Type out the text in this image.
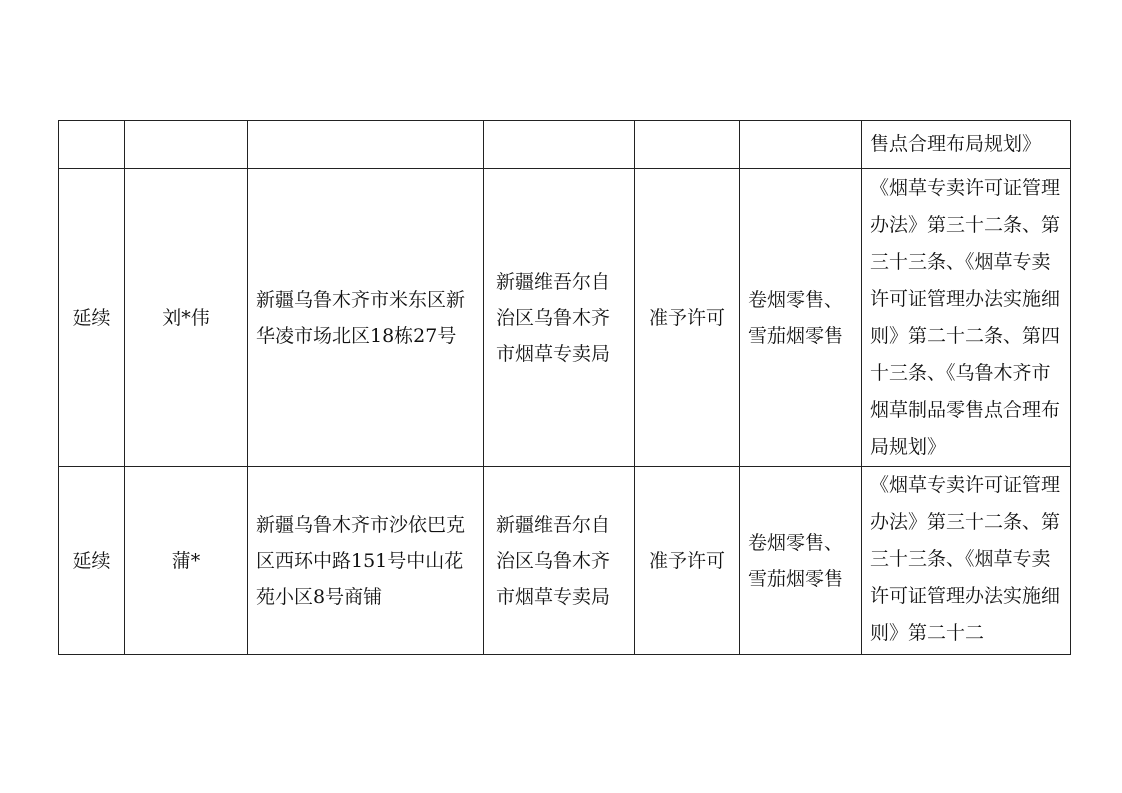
						售点合理布局规划》
延续	刘*伟	新疆乌鲁木齐市米东区新华凌市场北区18栋27号	新疆维吾尔自治区乌鲁木齐市烟草专卖局	准予许可	卷烟零售、雪茄烟零售	《烟草专卖许可证管理办法》第三十二条、第三十三条、《烟草专卖许可证管理办法实施细则》第二十二条、第四十三条、《乌鲁木齐市烟草制品零售点合理布局规划》
延续	蒲*	新疆乌鲁木齐市沙依巴克区西环中路151号中山花苑小区8号商铺	新疆维吾尔自治区乌鲁木齐市烟草专卖局	准予许可	卷烟零售、雪茄烟零售	《烟草专卖许可证管理办法》第三十二条、第三十三条、《烟草专卖许可证管理办法实施细则》第二十二
